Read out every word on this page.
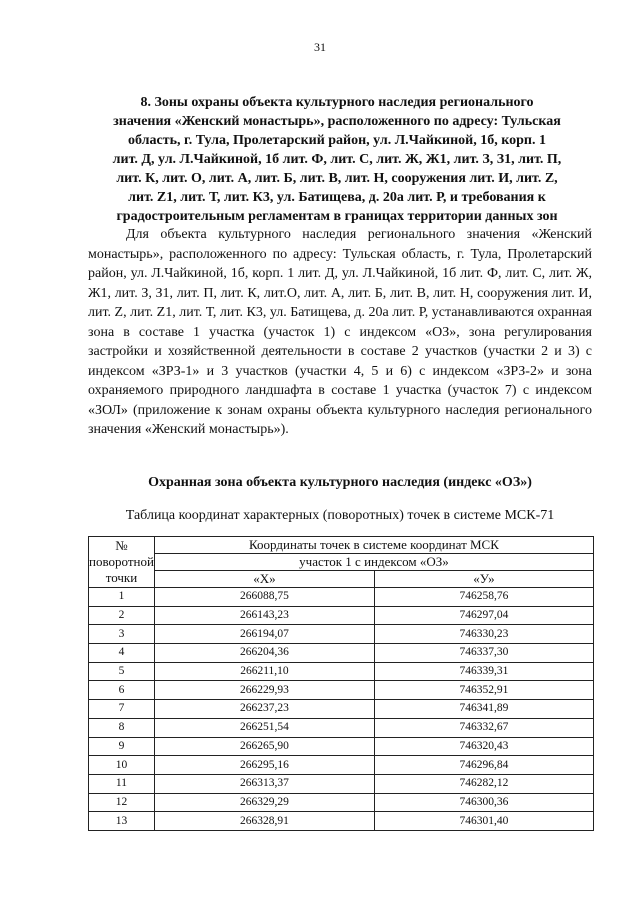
31
8. Зоны охраны объекта культурного наследия регионального
значения «Женский монастырь», расположенного по адресу: Тульская
область, г. Тула, Пролетарский район, ул. Л.Чайкиной, 1б, корп. 1
лит. Д, ул. Л.Чайкиной, 1б лит. Ф, лит. С, лит. Ж, Ж1, лит. З, З1, лит. П,
лит. К, лит. О, лит. А, лит. Б, лит. В, лит. Н, сооружения лит. И, лит. Z,
лит. Z1, лит. Т, лит. К3, ул. Батищева, д. 20а лит. Р, и требования к
градостроительным регламентам в границах территории данных зон

Для объекта культурного наследия регионального значения «Женский монастырь», расположенного по адресу: Тульская область, г. Тула, Пролетарский район, ул. Л.Чайкиной, 1б, корп. 1 лит. Д, ул. Л.Чайкиной, 1б лит. Ф, лит. С, лит. Ж, Ж1, лит. З, З1, лит. П, лит. К, лит.О, лит. А, лит. Б, лит. В, лит. Н, сооружения лит. И, лит. Z, лит. Z1, лит. Т, лит. К3, ул. Батищева, д. 20а лит. Р, устанавливаются охранная зона в составе 1 участка (участок 1) с индексом «ОЗ», зона регулирования застройки и хозяйственной деятельности в составе 2 участков (участки 2 и 3) с индексом «ЗРЗ-1» и 3 участков (участки 4, 5 и 6) с индексом «ЗРЗ-2» и зона охраняемого природного ландшафта в составе 1 участка (участок 7) с индексом «ЗОЛ» (приложение к зонам охраны объекта культурного наследия регионального значения «Женский монастырь»).

Охранная зона объекта культурного наследия (индекс «ОЗ»)
Таблица координат характерных (поворотных) точек в системе МСК-71
№
поворотной
точки	Координаты точек в системе координат МСК	
	участок 1 с индексом «ОЗ»	
	«X»	«У»
1	266088,75	746258,76
2	266143,23	746297,04
3	266194,07	746330,23
4	266204,36	746337,30
5	266211,10	746339,31
6	266229,93	746352,91
7	266237,23	746341,89
8	266251,54	746332,67
9	266265,90	746320,43
10	266295,16	746296,84
11	266313,37	746282,12
12	266329,29	746300,36
13	266328,91	746301,40
